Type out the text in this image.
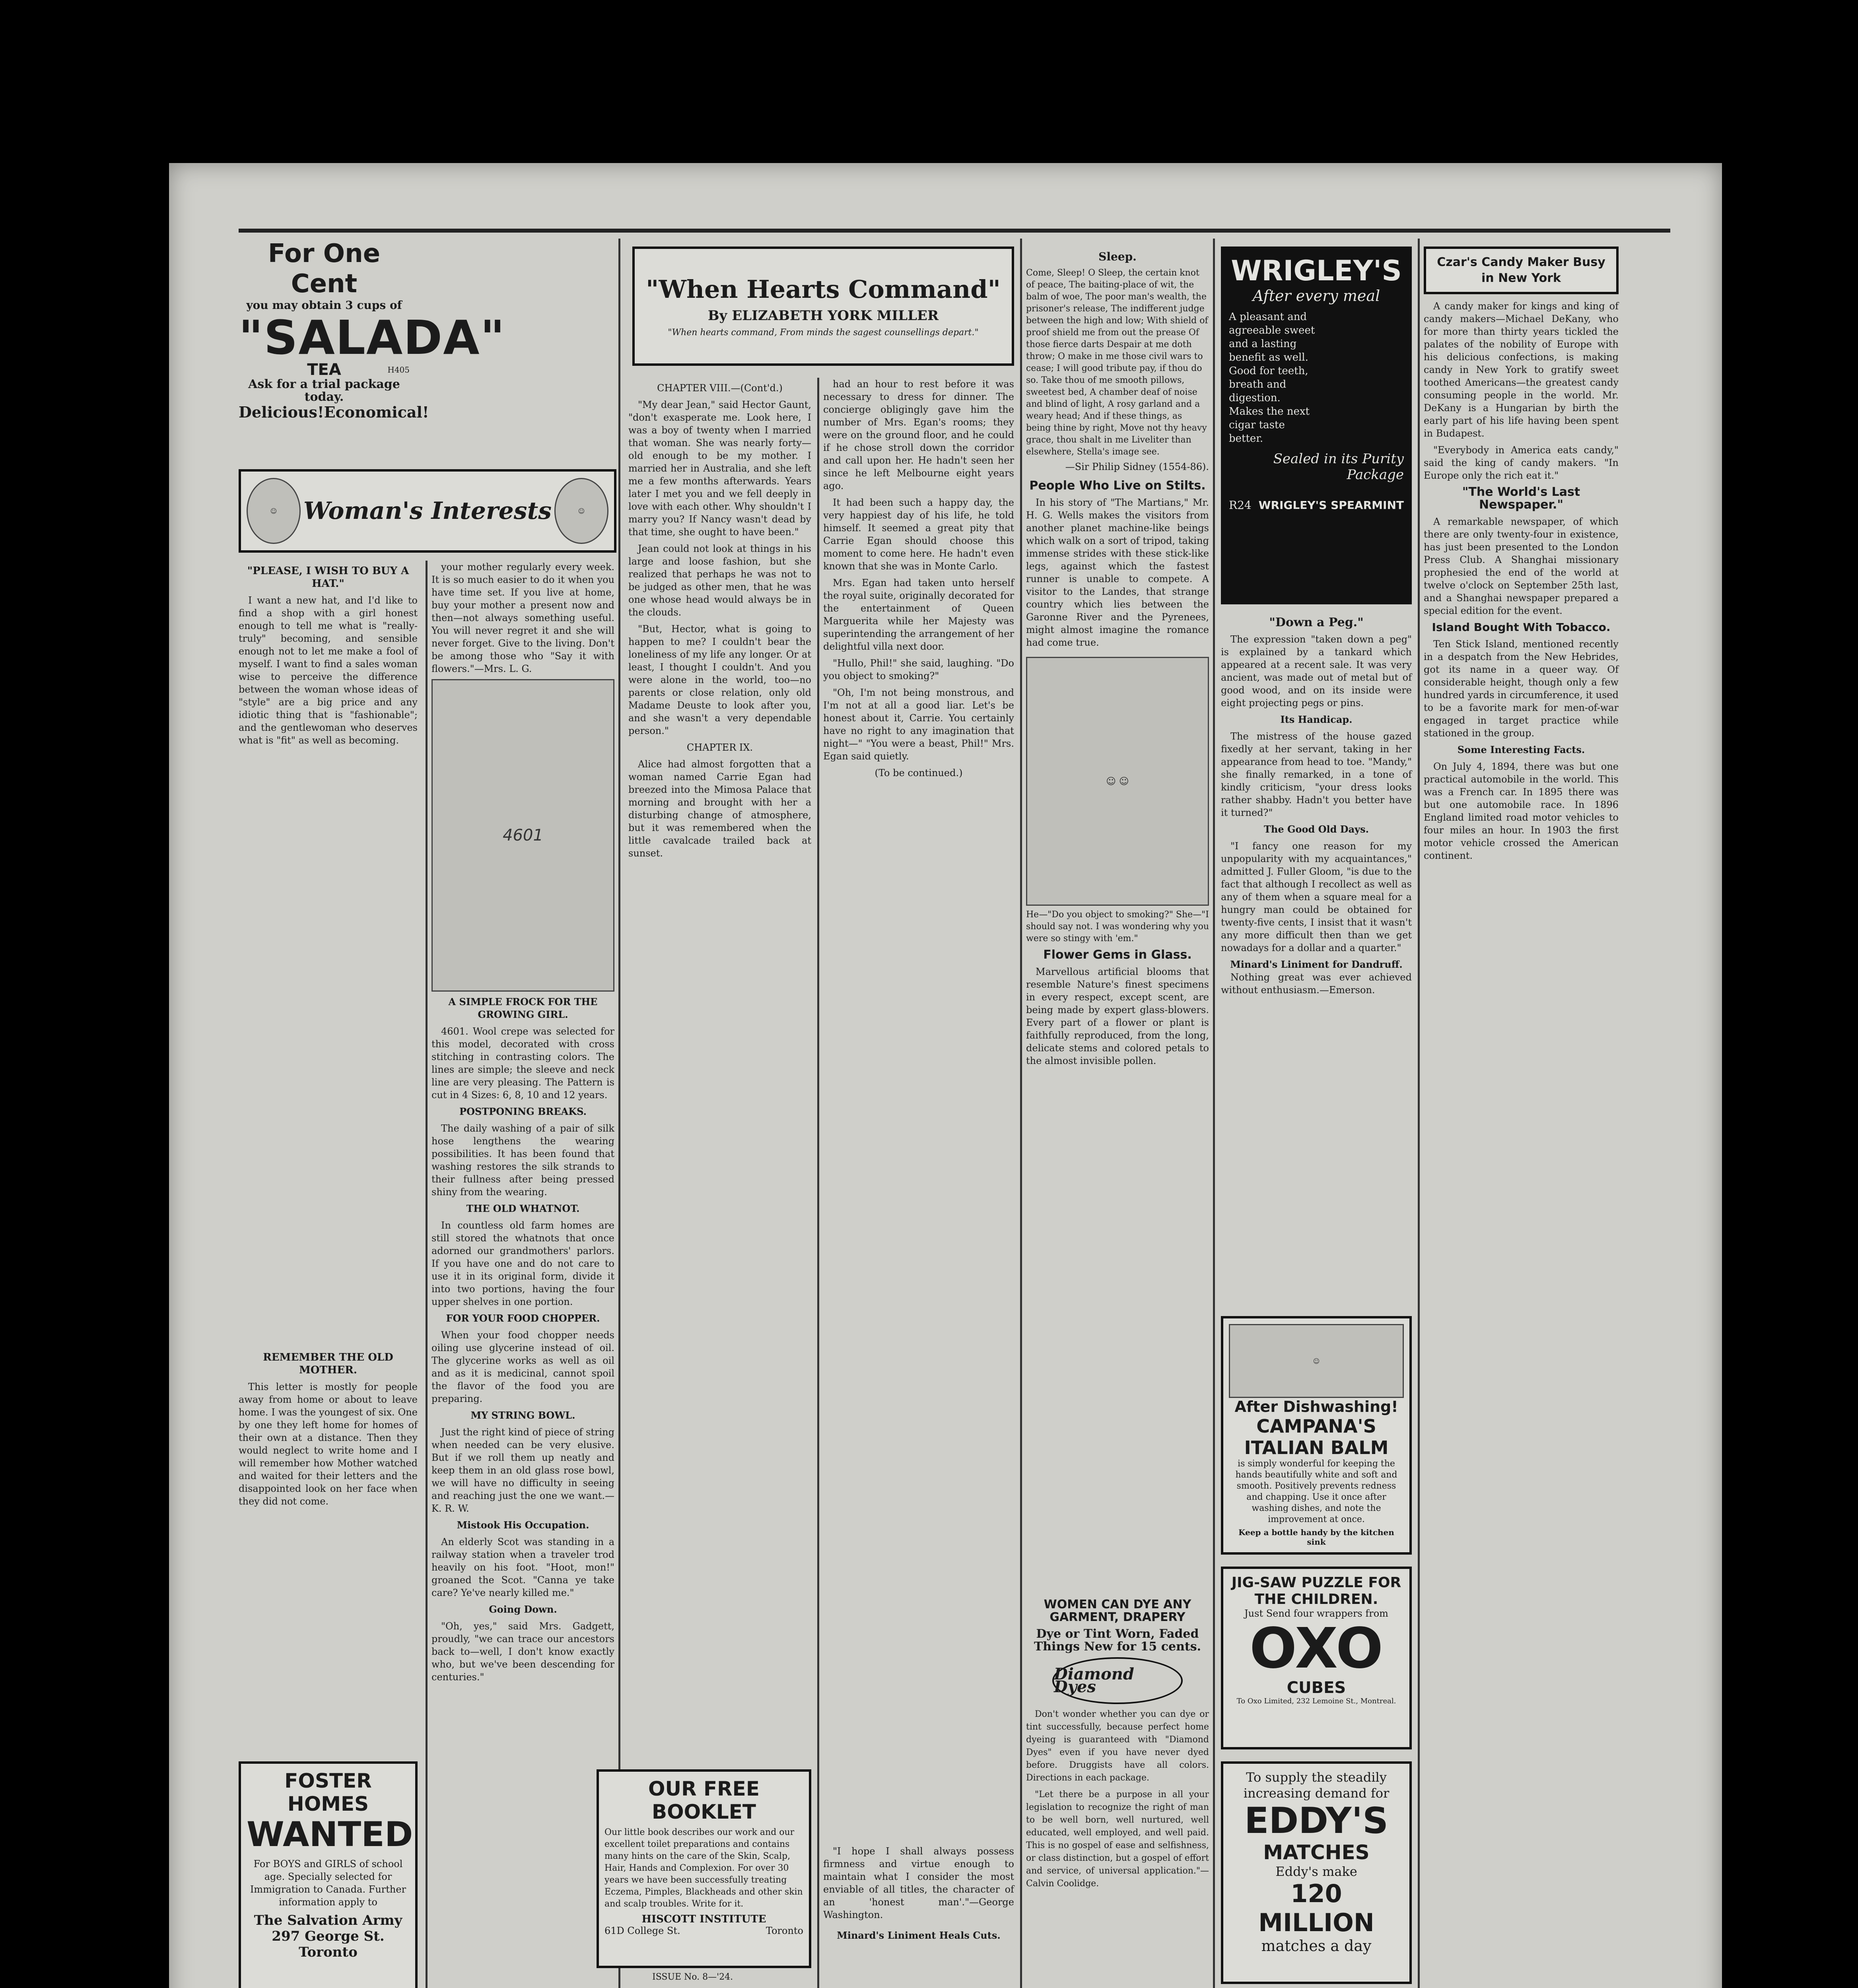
For One Cent
you may obtain 3 cups of
"SALADA"
TEA	H405
Ask for a trial package today.
Delicious! Economical!
☺	Woman's Interests	☺
"PLEASE, I WISH TO BUY A HAT."

I want a new hat, and I'd like to find a shop with a girl honest enough to tell me what is "really-truly" becoming, and sensible enough not to let me make a fool of myself. I want to find a sales woman wise to perceive the difference between the woman whose ideas of "style" are a big price and any idiotic thing that is "fashionable"; and the gentlewoman who deserves what is "fit" as well as becoming.

REMEMBER THE OLD MOTHER.

This letter is mostly for people away from home or about to leave home. I was the youngest of six. One by one they left home for homes of their own at a distance. Then they would neglect to write home and I will remember how Mother watched and waited for their letters and the disappointed look on her face when they did not come.

FOSTER HOMES
WANTED
For BOYS and GIRLS of school age. Specially selected for Immigration to Canada. Further information apply to
The Salvation Army
297 George St. Toronto

your mother regularly every week. It is so much easier to do it when you have time set. If you live at home, buy your mother a present now and then—not always something useful. You will never regret it and she will never forget. Give to the living. Don't be among those who "Say it with flowers."—Mrs. L. G.

4601
A SIMPLE FROCK FOR THE GROWING GIRL.

4601. Wool crepe was selected for this model, decorated with cross stitching in contrasting colors. The lines are simple; the sleeve and neck line are very pleasing. The Pattern is cut in 4 Sizes: 6, 8, 10 and 12 years.

POSTPONING BREAKS.

The daily washing of a pair of silk hose lengthens the wearing possibilities. It has been found that washing restores the silk strands to their fullness after being pressed shiny from the wearing.

THE OLD WHATNOT.

In countless old farm homes are still stored the whatnots that once adorned our grandmothers' parlors. If you have one and do not care to use it in its original form, divide it into two portions, having the four upper shelves in one portion.

FOR YOUR FOOD CHOPPER.

When your food chopper needs oiling use glycerine instead of oil. The glycerine works as well as oil and as it is medicinal, cannot spoil the flavor of the food you are preparing.

MY STRING BOWL.

Just the right kind of piece of string when needed can be very elusive. But if we roll them up neatly and keep them in an old glass rose bowl, we will have no difficulty in seeing and reaching just the one we want.—K. R. W.

Mistook His Occupation.

An elderly Scot was standing in a railway station when a traveler trod heavily on his foot. "Hoot, mon!" groaned the Scot. "Canna ye take care? Ye've nearly killed me."

Going Down.

"Oh, yes," said Mrs. Gadgett, proudly, "we can trace our ancestors back to—well, I don't know exactly who, but we've been descending for centuries."

"When Hearts Command"
By ELIZABETH YORK MILLER
"When hearts command, From minds the sagest counsellings depart."
CHAPTER VIII.—(Cont'd.)

"My dear Jean," said Hector Gaunt, "don't exasperate me. Look here, I was a boy of twenty when I married that woman. She was nearly forty—old enough to be my mother. I married her in Australia, and she left me a few months afterwards. Years later I met you and we fell deeply in love with each other. Why shouldn't I marry you? If Nancy wasn't dead by that time, she ought to have been."

Jean could not look at things in his large and loose fashion, but she realized that perhaps he was not to be judged as other men, that he was one whose head would always be in the clouds.

"But, Hector, what is going to happen to me? I couldn't bear the loneliness of my life any longer. Or at least, I thought I couldn't. And you were alone in the world, too—no parents or close relation, only old Madame Deuste to look after you, and she wasn't a very dependable person."

CHAPTER IX.

Alice had almost forgotten that a woman named Carrie Egan had breezed into the Mimosa Palace that morning and brought with her a disturbing change of atmosphere, but it was remembered when the little cavalcade trailed back at sunset.

OUR FREE BOOKLET
Our little book describes our work and our excellent toilet preparations and contains many hints on the care of the Skin, Scalp, Hair, Hands and Complexion. For over 30 years we have been successfully treating Eczema, Pimples, Blackheads and other skin and scalp troubles. Write for it.
HISCOTT INSTITUTE
61D College St.	Toronto
ISSUE No. 8—'24.

had an hour to rest before it was necessary to dress for dinner. The concierge obligingly gave him the number of Mrs. Egan's rooms; they were on the ground floor, and he could if he chose stroll down the corridor and call upon her. He hadn't seen her since he left Melbourne eight years ago.

It had been such a happy day, the very happiest day of his life, he told himself. It seemed a great pity that Carrie Egan should choose this moment to come here. He hadn't even known that she was in Monte Carlo.

Mrs. Egan had taken unto herself the royal suite, originally decorated for the entertainment of Queen Marguerita while her Majesty was superintending the arrangement of her delightful villa next door.

"Hullo, Phil!" she said, laughing. "Do you object to smoking?"

"Oh, I'm not being monstrous, and I'm not at all a good liar. Let's be honest about it, Carrie. You certainly have no right to any imagination that night—" "You were a beast, Phil!" Mrs. Egan said quietly.

(To be continued.)

"I hope I shall always possess firmness and virtue enough to maintain what I consider the most enviable of all titles, the character of an 'honest man'."—George Washington.

Minard's Liniment Heals Cuts.
Sleep.
Come, Sleep! O Sleep, the certain knot of peace, The baiting-place of wit, the balm of woe, The poor man's wealth, the prisoner's release, The indifferent judge between the high and low; With shield of proof shield me from out the prease Of those fierce darts Despair at me doth throw; O make in me those civil wars to cease; I will good tribute pay, if thou do so. Take thou of me smooth pillows, sweetest bed, A chamber deaf of noise and blind of light, A rosy garland and a weary head; And if these things, as being thine by right, Move not thy heavy grace, thou shalt in me Liveliter than elsewhere, Stella's image see.
—Sir Philip Sidney (1554-86).
People Who Live on Stilts.

In his story of "The Martians," Mr. H. G. Wells makes the visitors from another planet machine-like beings which walk on a sort of tripod, taking immense strides with these stick-like legs, against which the fastest runner is unable to compete. A visitor to the Landes, that strange country which lies between the Garonne River and the Pyrenees, might almost imagine the romance had come true.

☺ ☺
He—"Do you object to smoking?" She—"I should say not. I was wondering why you were so stingy with 'em."
Flower Gems in Glass.

Marvellous artificial blooms that resemble Nature's finest specimens in every respect, except scent, are being made by expert glass-blowers. Every part of a flower or plant is faithfully reproduced, from the long, delicate stems and colored petals to the almost invisible pollen.

WOMEN CAN DYE ANY GARMENT, DRAPERY
Dye or Tint Worn, Faded Things New for 15 cents.
Diamond Dyes

Don't wonder whether you can dye or tint successfully, because perfect home dyeing is guaranteed with "Diamond Dyes" even if you have never dyed before. Druggists have all colors. Directions in each package.

"Let there be a purpose in all your legislation to recognize the right of man to be well born, well nurtured, well educated, well employed, and well paid. This is no gospel of ease and selfishness, or class distinction, but a gospel of effort and service, of universal application."—Calvin Coolidge.

WRIGLEY'S
After every meal
A pleasant and agreeable sweet and a lasting benefit as well. Good for teeth, breath and digestion. Makes the next cigar taste better.
Sealed in its Purity Package
R24 WRIGLEY'S SPEARMINT
"Down a Peg."

The expression "taken down a peg" is explained by a tankard which appeared at a recent sale. It was very ancient, was made out of metal but of good wood, and on its inside were eight projecting pegs or pins.

Its Handicap.

The mistress of the house gazed fixedly at her servant, taking in her appearance from head to toe. "Mandy," she finally remarked, in a tone of kindly criticism, "your dress looks rather shabby. Hadn't you better have it turned?"

The Good Old Days.

"I fancy one reason for my unpopularity with my acquaintances," admitted J. Fuller Gloom, "is due to the fact that although I recollect as well as any of them when a square meal for a hungry man could be obtained for twenty-five cents, I insist that it wasn't any more difficult then than we get nowadays for a dollar and a quarter."

Minard's Liniment for Dandruff.

Nothing great was ever achieved without enthusiasm.—Emerson.

☺
After Dishwashing!
CAMPANA'S ITALIAN BALM
is simply wonderful for keeping the hands beautifully white and soft and smooth. Positively prevents redness and chapping. Use it once after washing dishes, and note the improvement at once.
Keep a bottle handy by the kitchen sink
JIG-SAW PUZZLE FOR THE CHILDREN.
Just Send four wrappers from
OXO
CUBES
To Oxo Limited, 232 Lemoine St., Montreal.
To supply the steadily increasing demand for
EDDY'S
MATCHES
Eddy's make
120 MILLION
matches a day
Czar's Candy Maker Busy in New York

A candy maker for kings and king of candy makers—Michael DeKany, who for more than thirty years tickled the palates of the nobility of Europe with his delicious confections, is making candy in New York to gratify sweet toothed Americans—the greatest candy consuming people in the world. Mr. DeKany is a Hungarian by birth the early part of his life having been spent in Budapest.

"Everybody in America eats candy," said the king of candy makers. "In Europe only the rich eat it."

"The World's Last Newspaper."

A remarkable newspaper, of which there are only twenty-four in existence, has just been presented to the London Press Club. A Shanghai missionary prophesied the end of the world at twelve o'clock on September 25th last, and a Shanghai newspaper prepared a special edition for the event.

Island Bought With Tobacco.

Ten Stick Island, mentioned recently in a despatch from the New Hebrides, got its name in a queer way. Of considerable height, though only a few hundred yards in circumference, it used to be a favorite mark for men-of-war engaged in target practice while stationed in the group.

Some Interesting Facts.

On July 4, 1894, there was but one practical automobile in the world. This was a French car. In 1895 there was but one automobile race. In 1896 England limited road motor vehicles to four miles an hour. In 1903 the first motor vehicle crossed the American continent.
